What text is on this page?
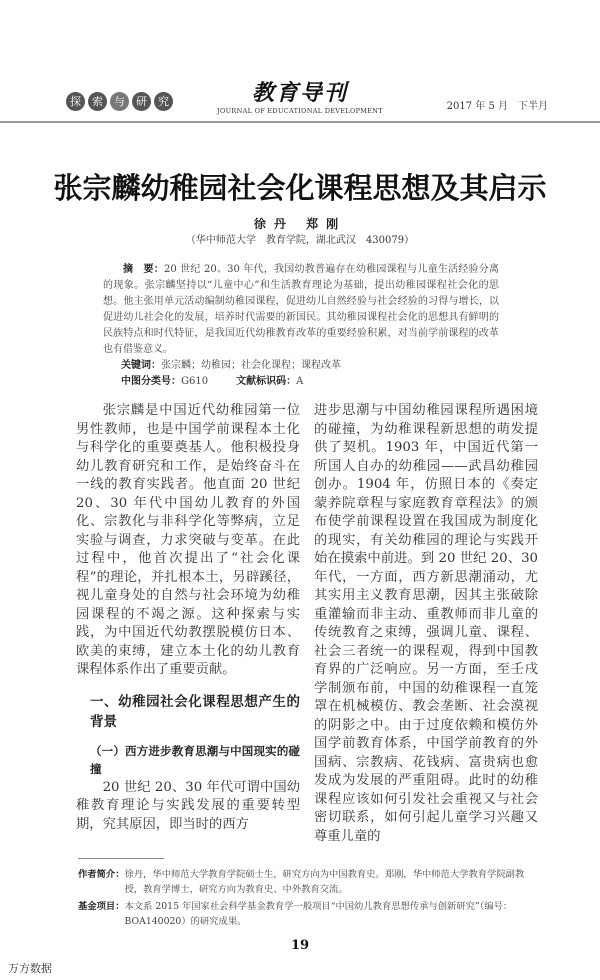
探	索	与	研	究	教育导刊
JOURNAL OF EDUCATIONAL DEVELOPMENT	2017 年 5 月　下半月
张宗麟幼稚园社会化课程思想及其启示
徐丹 郑刚
（华中师范大学　教育学院，湖北武汉　430079）
摘　要：20 世纪 20、30 年代，我国幼教普遍存在幼稚园课程与儿童生活经验分离的现象。张宗麟坚持以“儿童中心”和生活教育理论为基础，提出幼稚园课程社会化的思想。他主张用单元活动编制幼稚园课程，促进幼儿自然经验与社会经验的习得与增长，以促进幼儿社会化的发展，培养时代需要的新国民。其幼稚园课程社会化的思想具有鲜明的民族特点和时代特征，是我国近代幼稚教育改革的重要经验积累，对当前学前课程的改革也有借鉴意义。
关键词：张宗麟；幼稚园；社会化课程；课程改革
中图分类号：G610	文献标识码：A

张宗麟是中国近代幼稚园第一位男性教师，也是中国学前课程本土化与科学化的重要奠基人。他积极投身幼儿教育研究和工作，是始终奋斗在一线的教育实践者。他直面 20 世纪 20、30 年代中国幼儿教育的外国化、宗教化与非科学化等弊病，立足实验与调查，力求突破与变革。在此过程中，他首次提出了“社会化课程”的理论，并扎根本土，另辟蹊径，视儿童身处的自然与社会环境为幼稚园课程的不竭之源。这种探索与实践，为中国近代幼教摆脱模仿日本、欧美的束缚，建立本土化的幼儿教育课程体系作出了重要贡献。

一、幼稚园社会化课程思想产生的背景
（一）西方进步教育思潮与中国现实的碰撞

20 世纪 20、30 年代可谓中国幼稚教育理论与实践发展的重要转型期，究其原因，即当时的西方

进步思潮与中国幼稚园课程所遇困境的碰撞，为幼稚课程新思想的萌发提供了契机。1903 年，中国近代第一所国人自办的幼稚园——武昌幼稚园创办。1904 年，仿照日本的《奏定蒙养院章程与家庭教育章程法》的颁布使学前课程设置在我国成为制度化的现实，有关幼稚园的理论与实践开始在摸索中前进。到 20 世纪 20、30 年代，一方面，西方新思潮涌动，尤其实用主义教育思潮，因其主张破除重灌输而非主动、重教师而非儿童的传统教育之束缚，强调儿童、课程、社会三者统一的课程观，得到中国教育界的广泛响应。另一方面，至壬戌学制颁布前，中国的幼稚课程一直笼罩在机械模仿、教会垄断、社会漠视的阴影之中。由于过度依赖和模仿外国学前教育体系，中国学前教育的外国病、宗教病、花钱病、富贵病也愈发成为发展的严重阻碍。此时的幼稚课程应该如何引发社会重视又与社会密切联系，如何引起儿童学习兴趣又尊重儿童的

作者简介： 徐丹，华中师范大学教育学院硕士生，研究方向为中国教育史。郑刚，华中师范大学教育学院副教授，教育学博士，研究方向为教育史、中外教育交流。
基金项目： 本文系 2015 年国家社会科学基金教育学一般项目“中国幼儿教育思想传承与创新研究”（编号：BOA140020）的研究成果。
19
万方数据
